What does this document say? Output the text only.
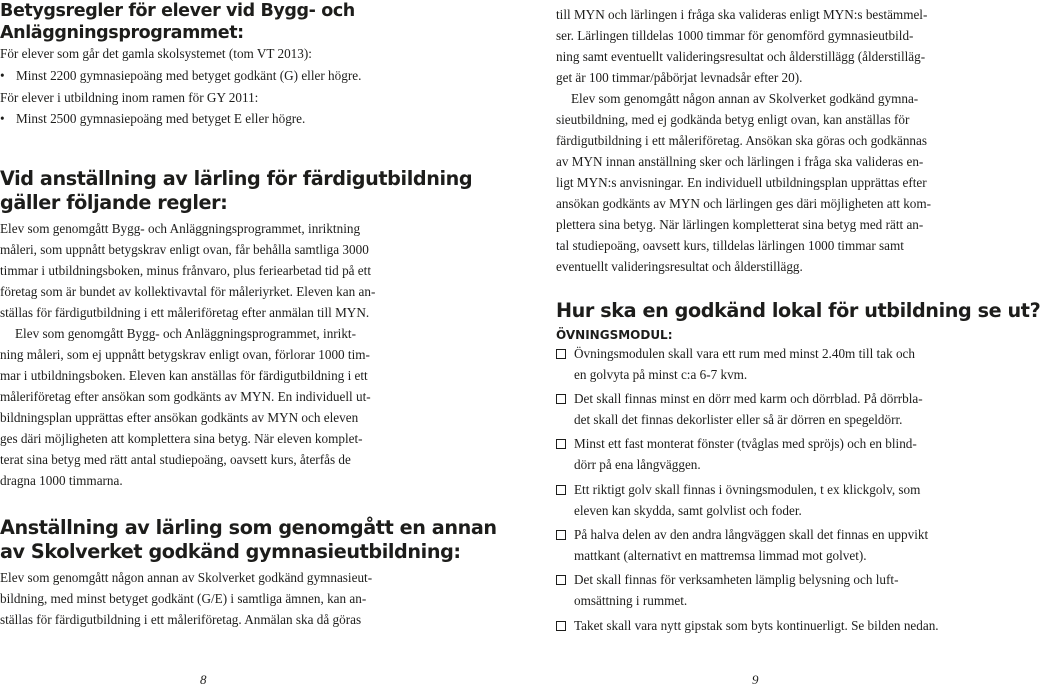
Betygsregler för elever vid Bygg- och
Anläggningsprogrammet:
För elever som går det gamla skolsystemet (tom VT 2013):
• Minst 2200 gymnasiepoäng med betyget godkänt (G) eller högre.
För elever i utbildning inom ramen för GY 2011:
• Minst 2500 gymnasiepoäng med betyget E eller högre.
Vid anställning av lärling för färdigutbildning
gäller följande regler:
Elev som genomgått Bygg- och Anläggningsprogrammet, inriktning
måleri, som uppnått betygskrav enligt ovan, får behålla samtliga 3000
timmar i utbildningsboken, minus frånvaro, plus feriearbetad tid på ett
företag som är bundet av kollektivavtal för måleriyrket. Eleven kan an-
ställas för färdigutbildning i ett måleriföretag efter anmälan till MYN.
Elev som genomgått Bygg- och Anläggningsprogrammet, inrikt-
ning måleri, som ej uppnått betygskrav enligt ovan, förlorar 1000 tim-
mar i utbildningsboken. Eleven kan anställas för färdigutbildning i ett
måleriföretag efter ansökan som godkänts av MYN. En individuell ut-
bildningsplan upprättas efter ansökan godkänts av MYN och eleven
ges däri möjligheten att komplettera sina betyg. När eleven komplet-
terat sina betyg med rätt antal studiepoäng, oavsett kurs, återfås de
dragna 1000 timmarna.
Anställning av lärling som genomgått en annan
av Skolverket godkänd gymnasieutbildning:
Elev som genomgått någon annan av Skolverket godkänd gymnasieut-
bildning, med minst betyget godkänt (G/E) i samtliga ämnen, kan an-
ställas för färdigutbildning i ett måleriföretag. Anmälan ska då göras
8
till MYN och lärlingen i fråga ska valideras enligt MYN:s bestämmel-
ser. Lärlingen tilldelas 1000 timmar för genomförd gymnasieutbild-
ning samt eventuellt valideringsresultat och ålderstillägg (ålderstilläg-
get är 100 timmar/påbörjat levnadsår efter 20).
Elev som genomgått någon annan av Skolverket godkänd gymna-
sieutbildning, med ej godkända betyg enligt ovan, kan anställas för
färdigutbildning i ett måleriföretag. Ansökan ska göras och godkännas
av MYN innan anställning sker och lärlingen i fråga ska valideras en-
ligt MYN:s anvisningar. En individuell utbildningsplan upprättas efter
ansökan godkänts av MYN och lärlingen ges däri möjligheten att kom-
plettera sina betyg. När lärlingen kompletterat sina betyg med rätt an-
tal studiepoäng, oavsett kurs, tilldelas lärlingen 1000 timmar samt
eventuellt valideringsresultat och ålderstillägg.
Hur ska en godkänd lokal för utbildning se ut?
ÖVNINGSMODUL:
Övningsmodulen skall vara ett rum med minst 2.40m till tak och
en golvyta på minst c:a 6-7 kvm.
Det skall finnas minst en dörr med karm och dörrblad. På dörrbla-
det skall det finnas dekorlister eller så är dörren en spegeldörr.
Minst ett fast monterat fönster (tvåglas med spröjs) och en blind-
dörr på ena långväggen.
Ett riktigt golv skall finnas i övningsmodulen, t ex klickgolv, som
eleven kan skydda, samt golvlist och foder.
På halva delen av den andra långväggen skall det finnas en uppvikt
mattkant (alternativt en mattremsa limmad mot golvet).
Det skall finnas för verksamheten lämplig belysning och luft-
omsättning i rummet.
Taket skall vara nytt gipstak som byts kontinuerligt. Se bilden nedan.
9
